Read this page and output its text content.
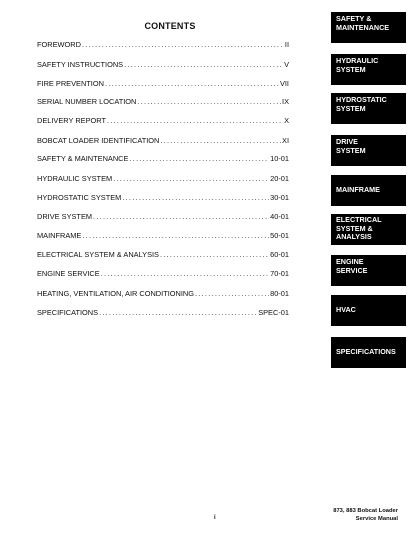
CONTENTS
FOREWORD . . .	II
SAFETY INSTRUCTIONS . . .	V
FIRE PREVENTION . . .	VII
SERIAL NUMBER LOCATION . . .	IX
DELIVERY REPORT . . .	X
BOBCAT LOADER IDENTIFICATION . . .	XI
SAFETY & MAINTENANCE . . .	10-01
HYDRAULIC SYSTEM . . .	20-01
HYDROSTATIC SYSTEM . . .	30-01
DRIVE SYSTEM . . .	40-01
MAINFRAME . . .	50-01
ELECTRICAL SYSTEM & ANALYSIS . . .	60-01
ENGINE SERVICE . . .	70-01
HEATING, VENTILATION, AIR CONDITIONING . . .	80-01
SPECIFICATIONS . . .	SPEC-01
SAFETY &
MAINTENANCE
HYDRAULIC
SYSTEM
HYDROSTATIC
SYSTEM
DRIVE
SYSTEM
MAINFRAME
ELECTRICAL
SYSTEM &
ANALYSIS
ENGINE
SERVICE
HVAC
SPECIFICATIONS
i
873, 883 Bobcat Loader
Service Manual
